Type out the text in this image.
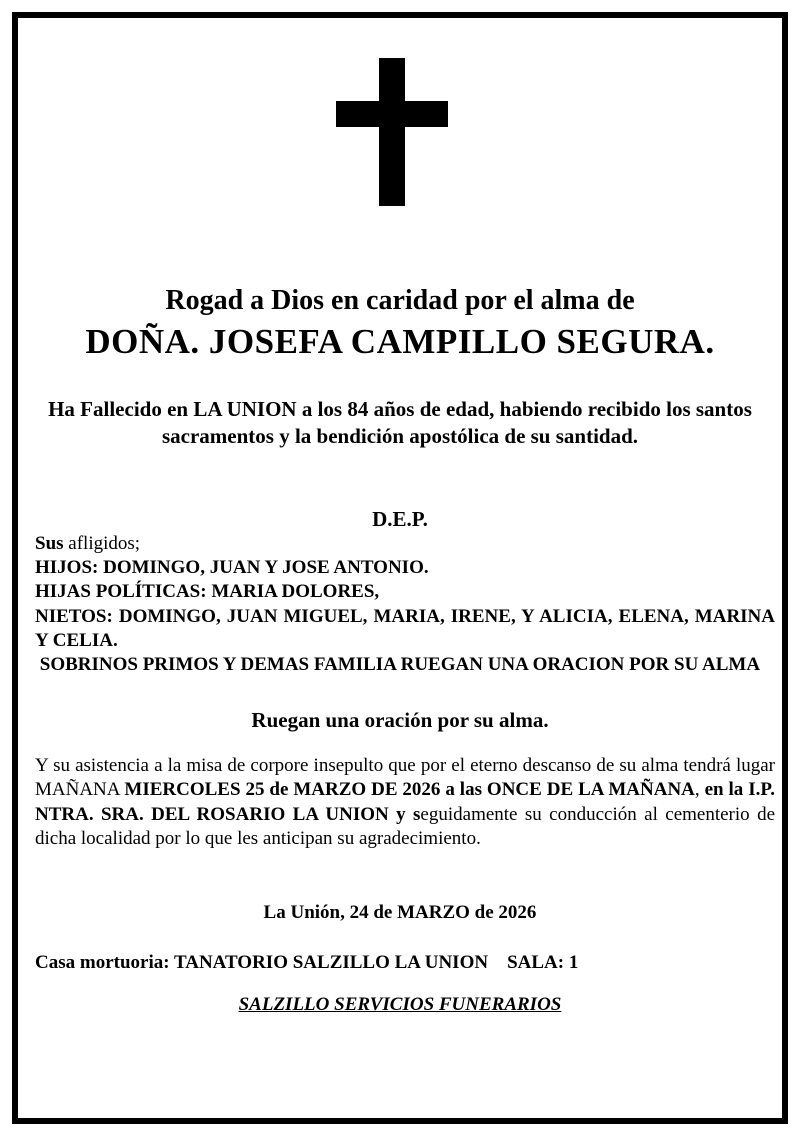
Rogad a Dios en caridad por el alma de
DOÑA. JOSEFA CAMPILLO SEGURA.
Ha Fallecido en LA UNION a los 84 años de edad, habiendo recibido los santos sacramentos y la bendición apostólica de su santidad.
D.E.P.

Sus afligidos;

HIJOS: DOMINGO, JUAN Y JOSE ANTONIO.

HIJAS POLÍTICAS: MARIA DOLORES,

NIETOS: DOMINGO, JUAN MIGUEL, MARIA, IRENE, Y ALICIA, ELENA, MARINA Y CELIA.

SOBRINOS PRIMOS Y DEMAS FAMILIA RUEGAN UNA ORACION POR SU ALMA

Ruegan una oración por su alma.
Y su asistencia a la misa de corpore insepulto que por el eterno descanso de su alma tendrá lugar MAÑANA MIERCOLES 25 de MARZO DE 2026 a las ONCE DE LA MAÑANA, en la I.P. NTRA. SRA. DEL ROSARIO LA UNION y seguidamente su conducción al cementerio de dicha localidad por lo que les anticipan su agradecimiento.
La Unión, 24 de MARZO de 2026
Casa mortuoria: TANATORIO SALZILLO LA UNION    SALA: 1
SALZILLO SERVICIOS FUNERARIOS
